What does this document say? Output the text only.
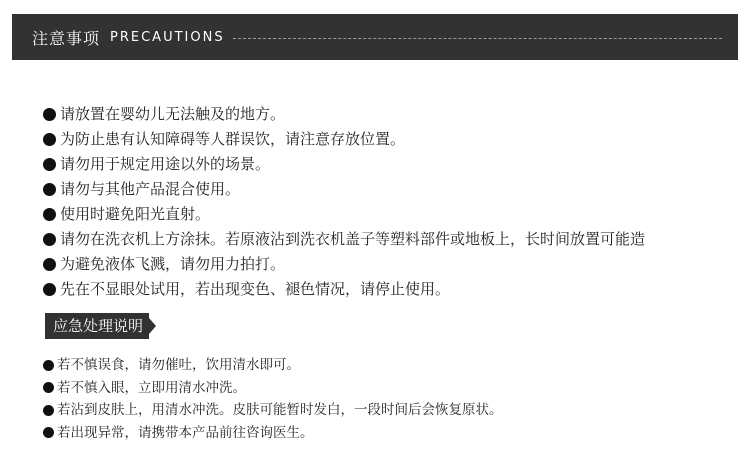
注意事项 PRECAUTIONS
请放置在婴幼儿无法触及的地方。
为防止患有认知障碍等人群误饮，请注意存放位置。
请勿用于规定用途以外的场景。
请勿与其他产品混合使用。
使用时避免阳光直射。
请勿在洗衣机上方涂抹。若原液沾到洗衣机盖子等塑料部件或地板上，长时间放置可能造
为避免液体飞溅，请勿用力拍打。
先在不显眼处试用，若出现变色、褪色情况，请停止使用。
应急处理说明
若不慎误食，请勿催吐，饮用清水即可。
若不慎入眼，立即用清水冲洗。
若沾到皮肤上，用清水冲洗。皮肤可能暂时发白，一段时间后会恢复原状。
若出现异常，请携带本产品前往咨询医生。
